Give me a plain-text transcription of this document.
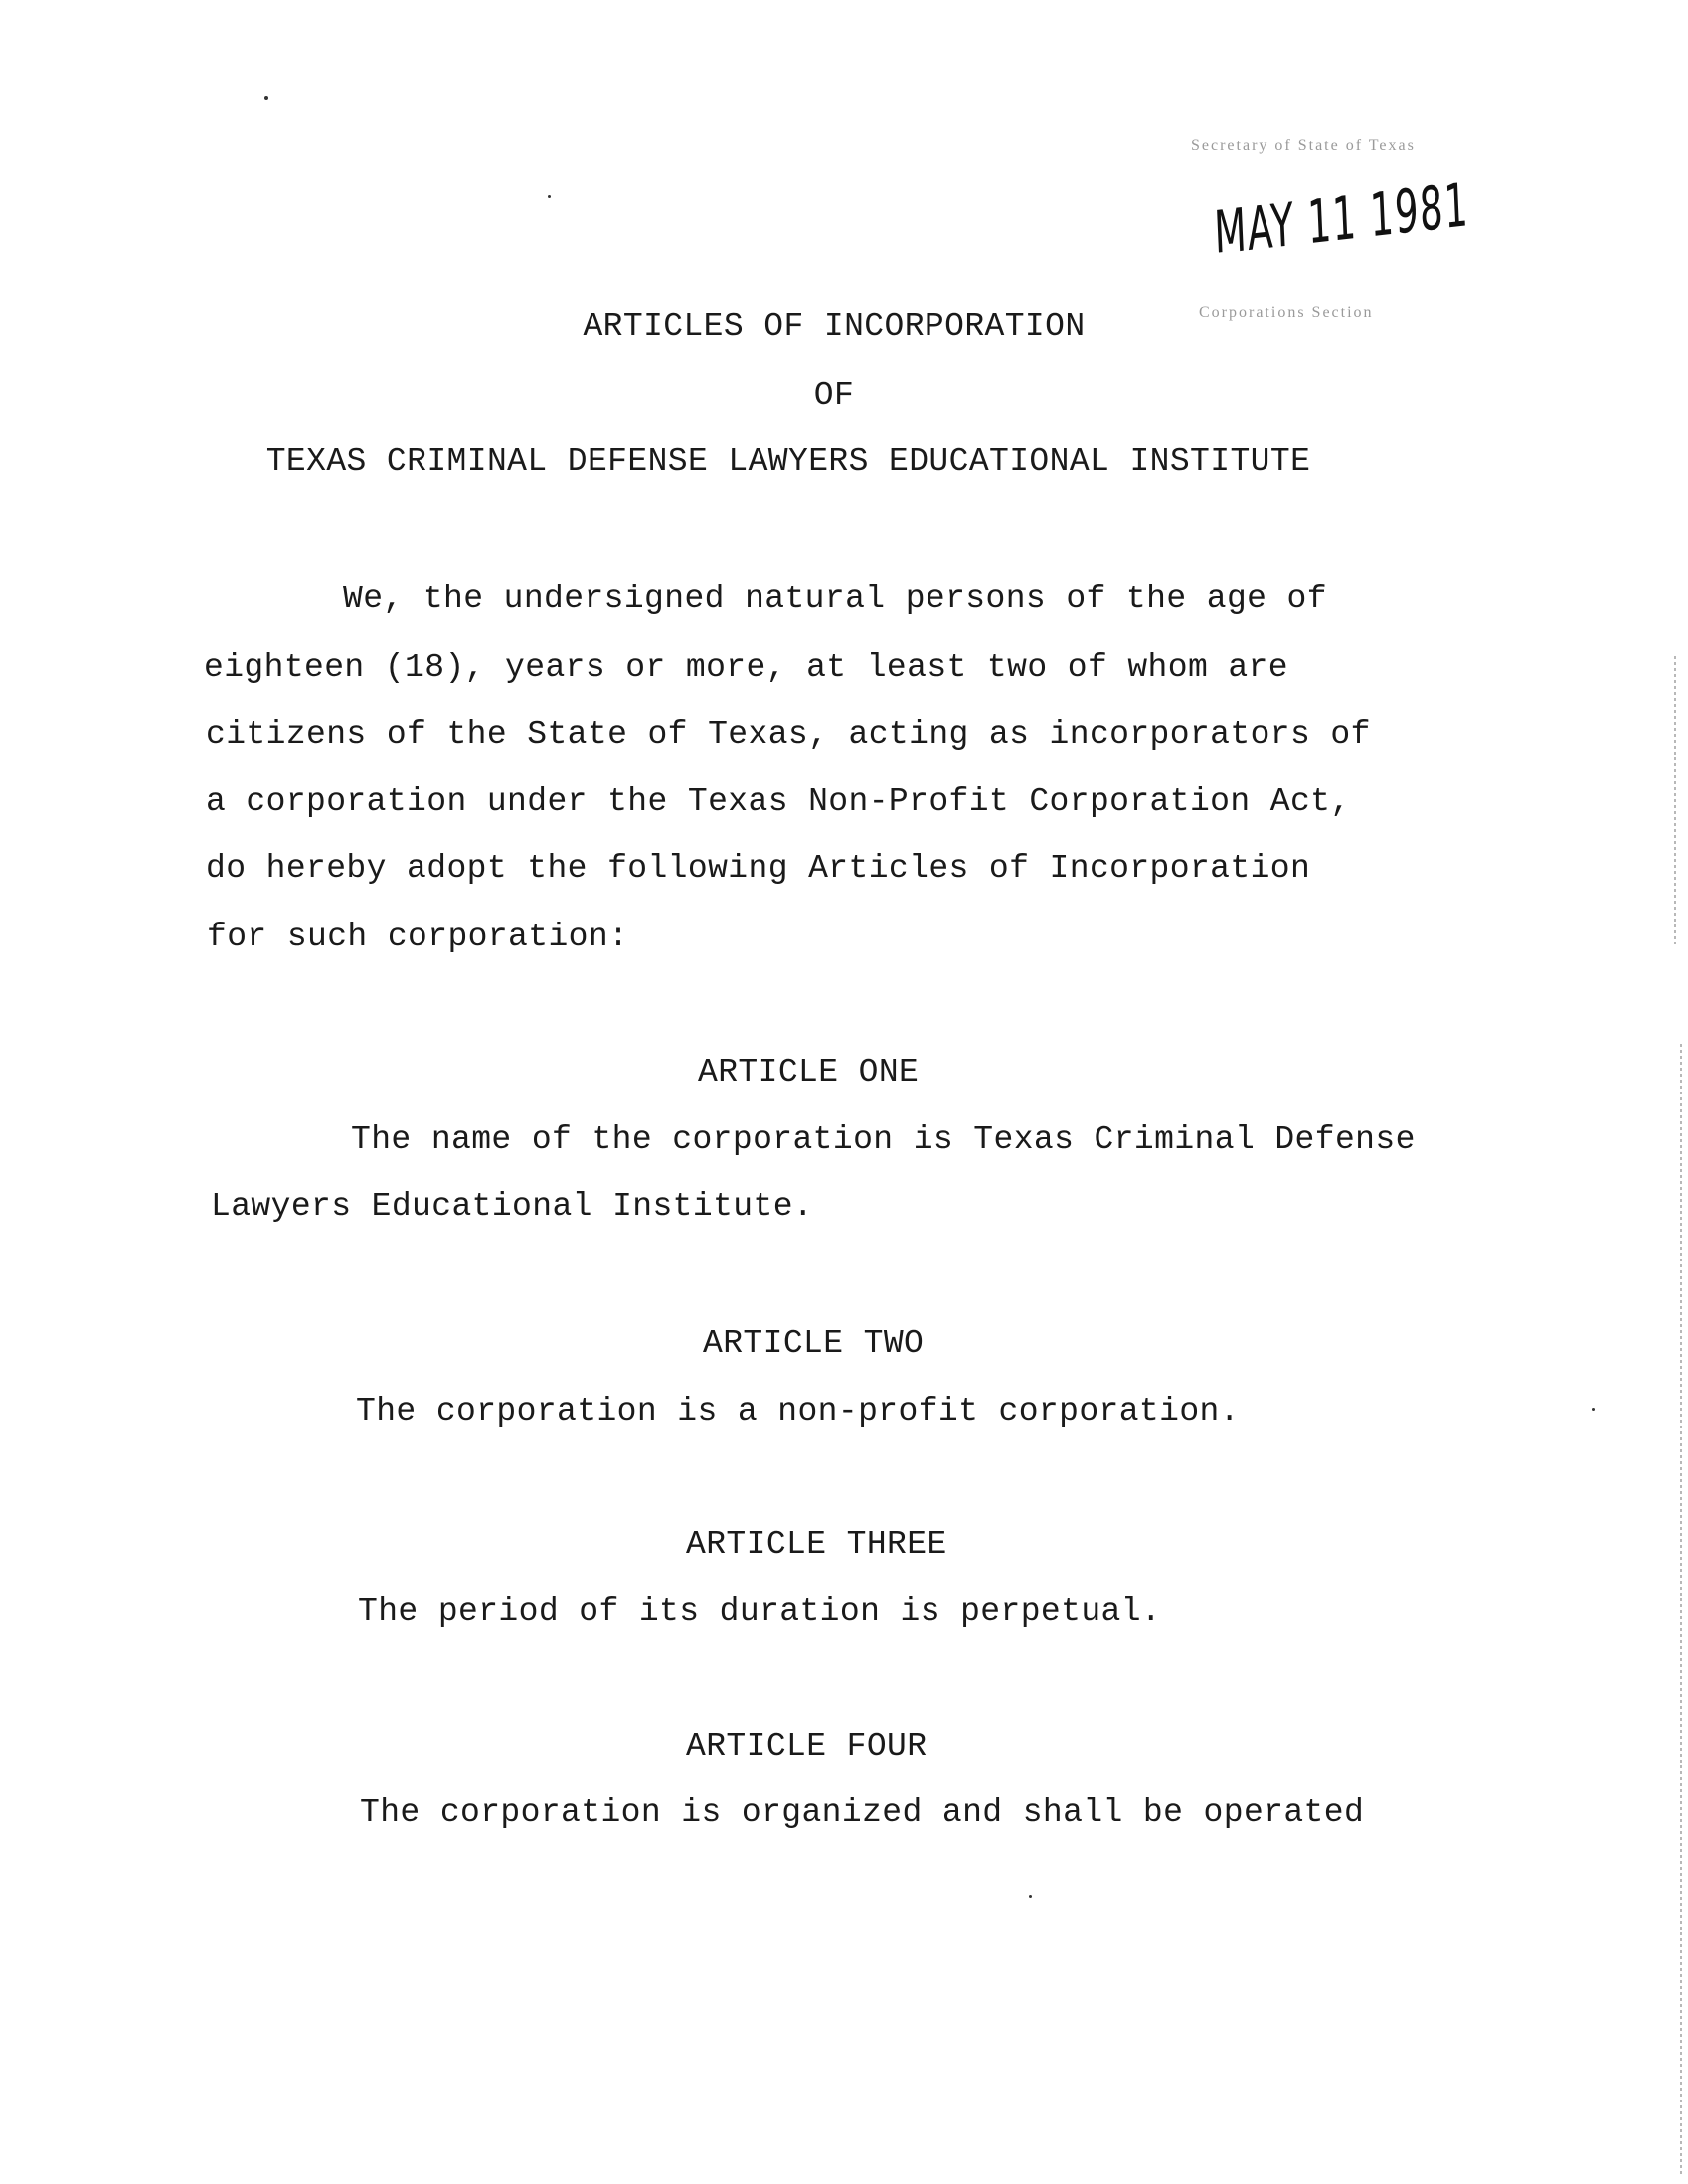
Secretary of State of Texas
MAY 11 1981
Corporations Section
ARTICLES OF INCORPORATION
OF
TEXAS CRIMINAL DEFENSE LAWYERS EDUCATIONAL INSTITUTE
We, the undersigned natural persons of the age of
eighteen (18), years or more, at least two of whom are
citizens of the State of Texas, acting as incorporators of
a corporation under the Texas Non-Profit Corporation Act,
do hereby adopt the following Articles of Incorporation
for such corporation:
ARTICLE ONE
The name of the corporation is Texas Criminal Defense
Lawyers Educational Institute.
ARTICLE TWO
The corporation is a non-profit corporation.
ARTICLE THREE
The period of its duration is perpetual.
ARTICLE FOUR
The corporation is organized and shall be operated
